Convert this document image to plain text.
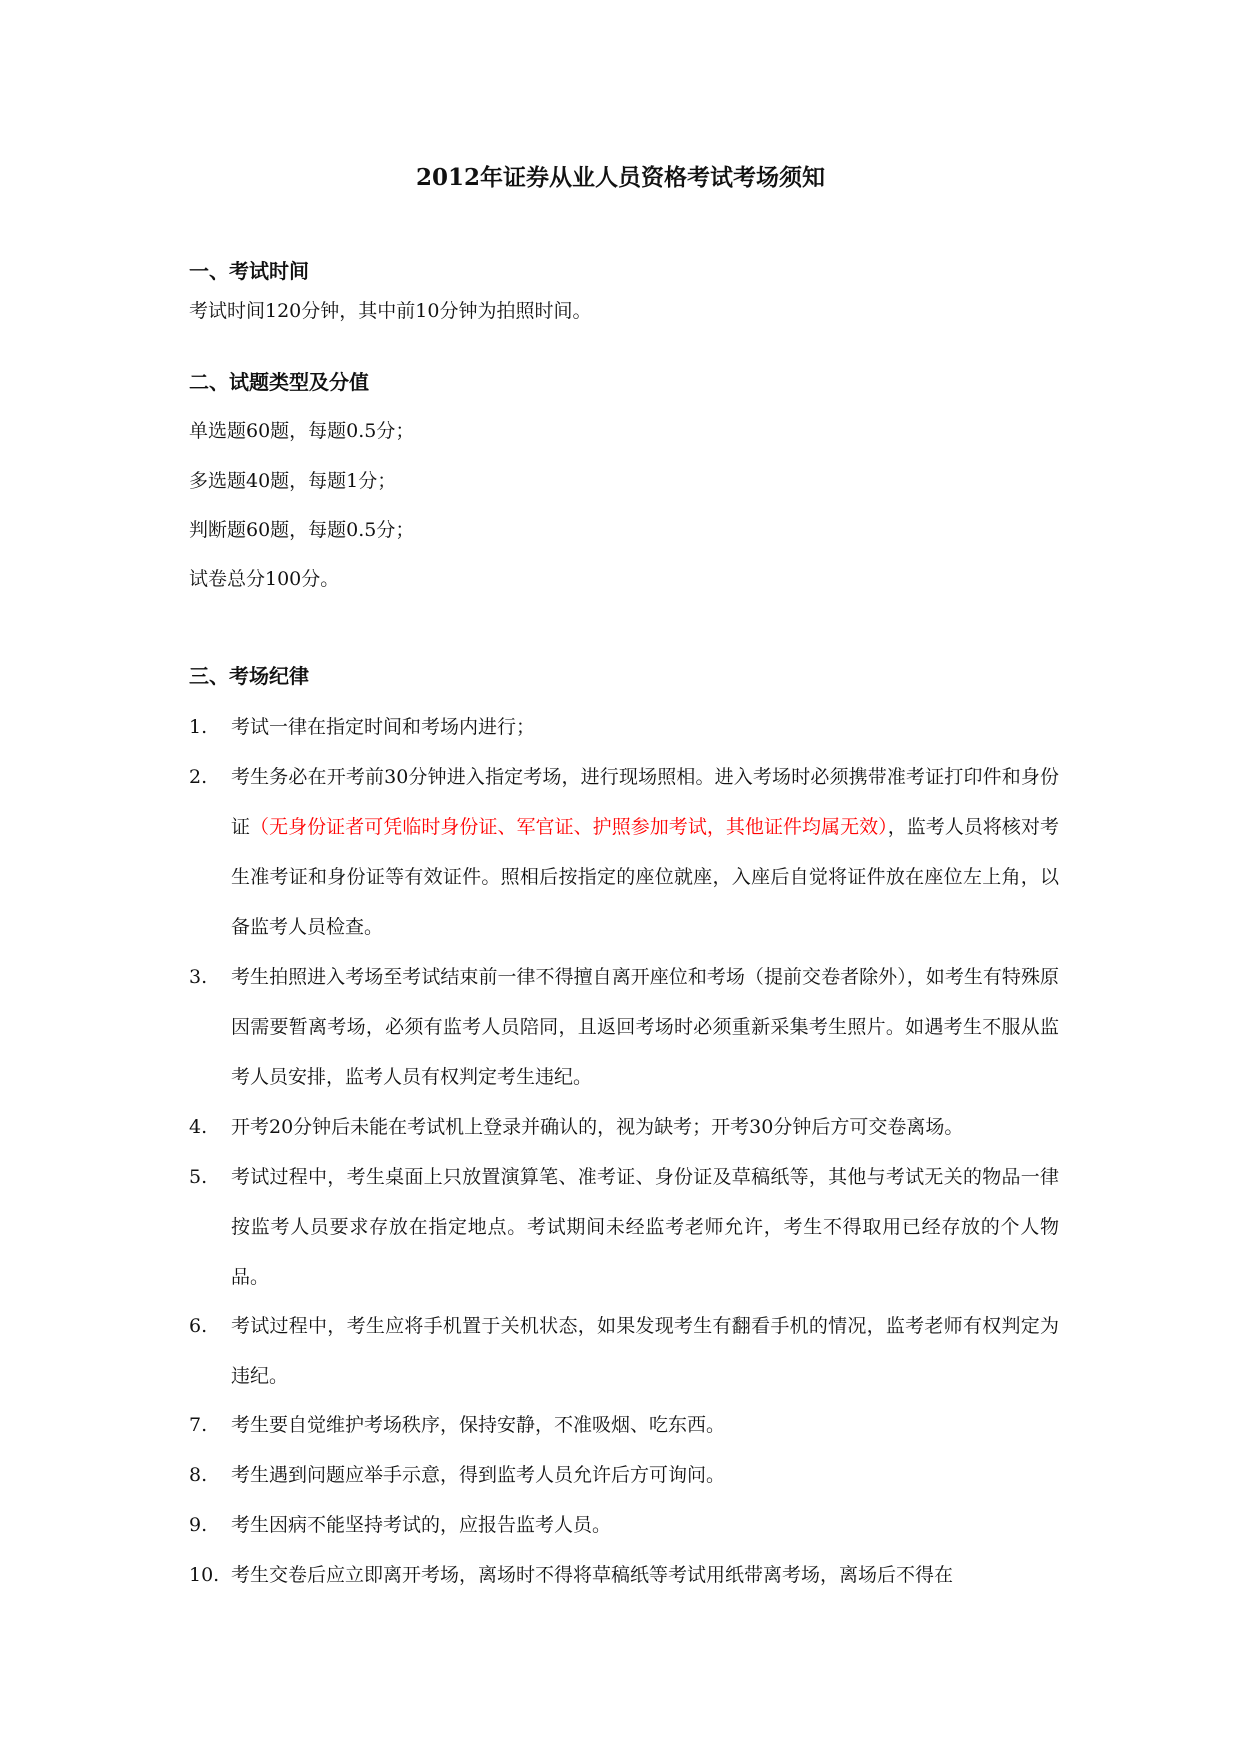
2012年证券从业人员资格考试考场须知
一、考试时间
考试时间120分钟，其中前10分钟为拍照时间。
二、试题类型及分值
单选题60题，每题0.5分；
多选题40题，每题1分；
判断题60题，每题0.5分；
试卷总分100分。
三、考场纪律
1. 考试一律在指定时间和考场内进行；
2. 考生务必在开考前30分钟进入指定考场，进行现场照相。进入考场时必须携带准考证打印件和身份证（无身份证者可凭临时身份证、军官证、护照参加考试，其他证件均属无效），监考人员将核对考生准考证和身份证等有效证件。照相后按指定的座位就座，入座后自觉将证件放在座位左上角，以备监考人员检查。
3. 考生拍照进入考场至考试结束前一律不得擅自离开座位和考场（提前交卷者除外），如考生有特殊原因需要暂离考场，必须有监考人员陪同，且返回考场时必须重新采集考生照片。如遇考生不服从监考人员安排，监考人员有权判定考生违纪。
4. 开考20分钟后未能在考试机上登录并确认的，视为缺考；开考30分钟后方可交卷离场。
5. 考试过程中，考生桌面上只放置演算笔、准考证、身份证及草稿纸等，其他与考试无关的物品一律按监考人员要求存放在指定地点。考试期间未经监考老师允许，考生不得取用已经存放的个人物品。
6. 考试过程中，考生应将手机置于关机状态，如果发现考生有翻看手机的情况，监考老师有权判定为违纪。
7. 考生要自觉维护考场秩序，保持安静，不准吸烟、吃东西。
8. 考生遇到问题应举手示意，得到监考人员允许后方可询问。
9. 考生因病不能坚持考试的，应报告监考人员。
10. 考生交卷后应立即离开考场，离场时不得将草稿纸等考试用纸带离考场，离场后不得在
